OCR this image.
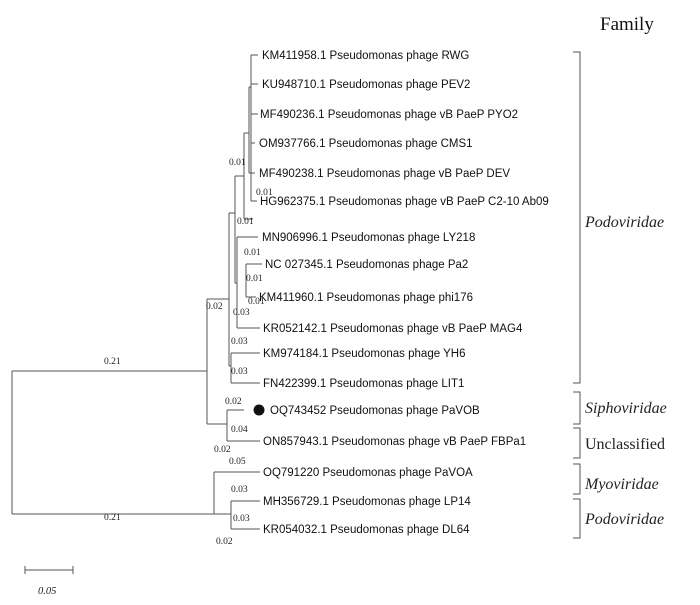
Family
KM411958.1 Pseudomonas phage RWG
KU948710.1 Pseudomonas phage PEV2
MF490236.1 Pseudomonas phage vB PaeP PYO2
OM937766.1 Pseudomonas phage CMS1
MF490238.1 Pseudomonas phage vB PaeP DEV
HG962375.1 Pseudomonas phage vB PaeP C2-10 Ab09
MN906996.1 Pseudomonas phage LY218
NC 027345.1 Pseudomonas phage Pa2
KM411960.1 Pseudomonas phage phi176
KR052142.1 Pseudomonas phage vB PaeP MAG4
KM974184.1 Pseudomonas phage YH6
FN422399.1 Pseudomonas phage LIT1
OQ743452 Pseudomonas phage PaVOB
ON857943.1 Pseudomonas phage vB PaeP FBPa1
OQ791220 Pseudomonas phage PaVOA
MH356729.1 Pseudomonas phage LP14
KR054032.1 Pseudomonas phage DL64
0.21
0.21
0.02
0.01
0.01
0.01
0.01
0.01
0.01
0.03
0.03
0.03
0.02
0.04
0.02
0.05
0.03
0.03
0.02
Podoviridae
Siphoviridae
Unclassified
Myoviridae
Podoviridae
0.05
